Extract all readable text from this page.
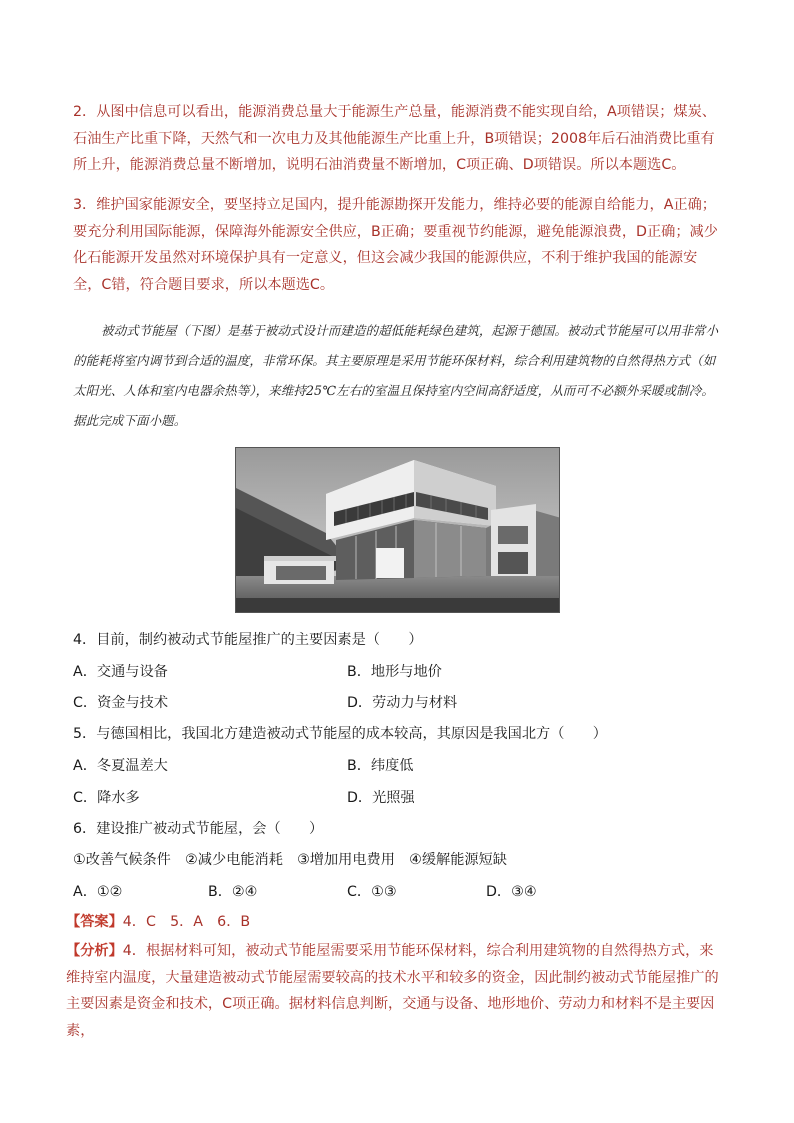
2．从图中信息可以看出，能源消费总量大于能源生产总量，能源消费不能实现自给，A项错误；煤炭、石油生产比重下降，天然气和一次电力及其他能源生产比重上升，B项错误；2008年后石油消费比重有所上升，能源消费总量不断增加，说明石油消费量不断增加，C项正确、D项错误。所以本题选C。
3．维护国家能源安全，要坚持立足国内，提升能源勘探开发能力，维持必要的能源自给能力，A正确；要充分利用国际能源，保障海外能源安全供应，B正确；要重视节约能源，避免能源浪费，D正确；减少化石能源开发虽然对环境保护具有一定意义，但这会减少我国的能源供应，不利于维护我国的能源安全，C错，符合题目要求，所以本题选C。
被动式节能屋（下图）是基于被动式设计而建造的超低能耗绿色建筑，起源于德国。被动式节能屋可以用非常小的能耗将室内调节到合适的温度，非常环保。其主要原理是采用节能环保材料，综合利用建筑物的自然得热方式（如太阳光、人体和室内电器余热等），来维持25℃左右的室温且保持室内空间高舒适度，从而可不必额外采暖或制冷。据此完成下面小题。
4．目前，制约被动式节能屋推广的主要因素是（　　）
A．交通与设备	B．地形与地价
C．资金与技术	D．劳动力与材料
5．与德国相比，我国北方建造被动式节能屋的成本较高，其原因是我国北方（　　）
A．冬夏温差大	B．纬度低
C．降水多	D．光照强
6．建设推广被动式节能屋，会（　　）
①改善气候条件　②减少电能消耗　③增加用电费用　④缓解能源短缺
A．①②	B．②④	C．①③	D．③④
【答案】4．C　5．A　6．B
【分析】4．根据材料可知，被动式节能屋需要采用节能环保材料，综合利用建筑物的自然得热方式，来维持室内温度，大量建造被动式节能屋需要较高的技术水平和较多的资金，因此制约被动式节能屋推广的主要因素是资金和技术，C项正确。据材料信息判断，交通与设备、地形地价、劳动力和材料不是主要因素，
